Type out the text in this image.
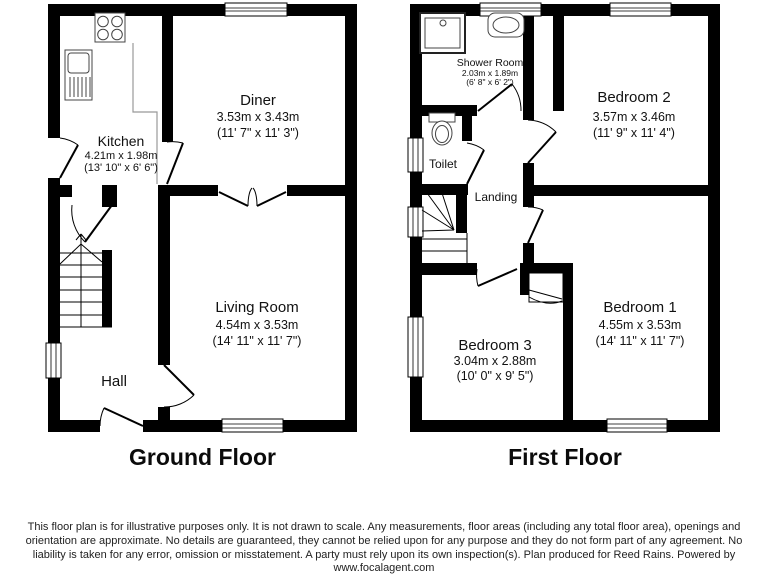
Kitchen
4.21m x 1.98m
(13' 10" x 6' 6")
Diner
3.53m x 3.43m
(11' 7" x 11' 3")
Living Room
4.54m x 3.53m
(14' 11" x 11' 7")
Hall
Shower Room
2.03m x 1.89m
(6' 8" x 6' 2")
Bedroom 2
3.57m x 3.46m
(11' 9" x 11' 4")
Toilet
Landing
Bedroom 3
3.04m x 2.88m
(10' 0" x 9' 5")
Bedroom 1
4.55m x 3.53m
(14' 11" x 11' 7")
Ground Floor	First Floor
This floor plan is for illustrative purposes only. It is not drawn to scale. Any measurements, floor areas (including any total floor area), openings and
orientation are approximate. No details are guaranteed, they cannot be relied upon for any purpose and they do not form part of any agreement. No
liability is taken for any error, omission or misstatement. A party must rely upon its own inspection(s). Plan produced for Reed Rains. Powered by
www.focalagent.com
